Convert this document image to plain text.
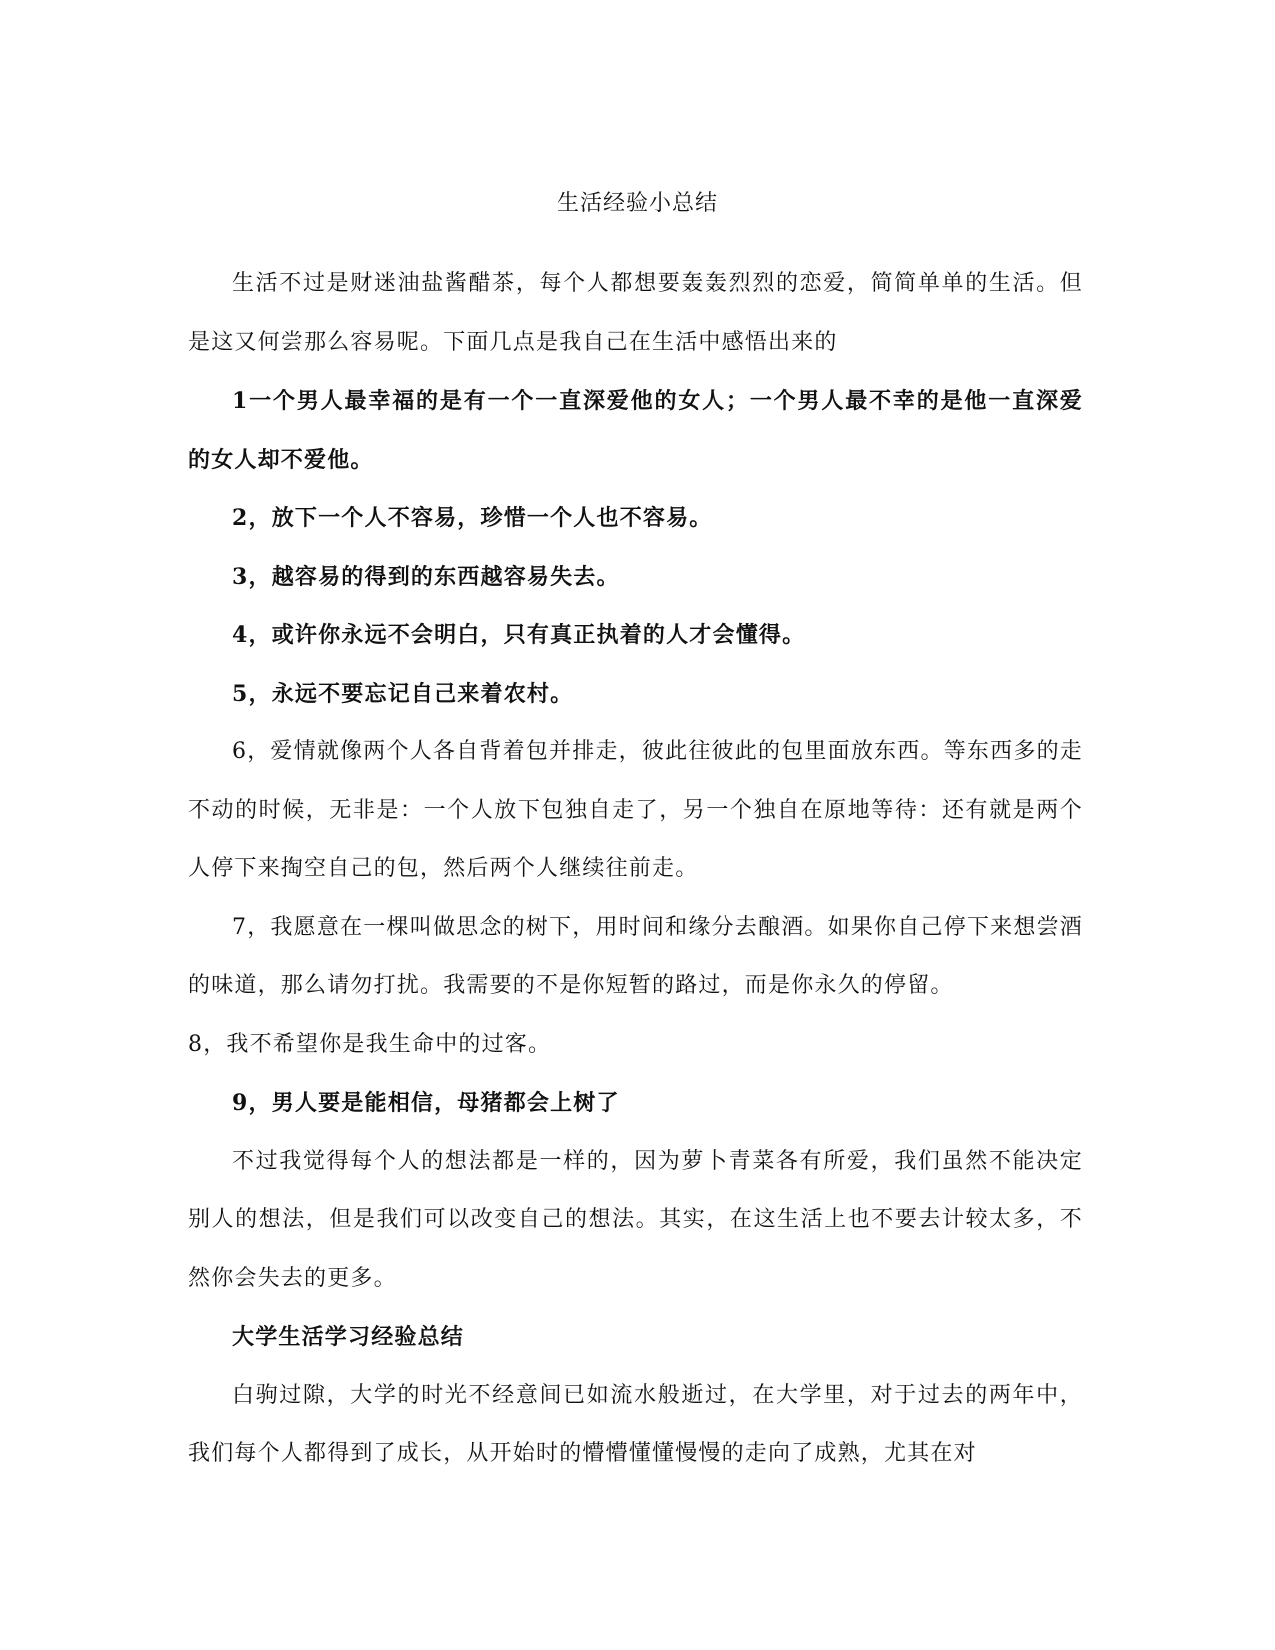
生活经验小总结

生活不过是财迷油盐酱醋茶，每个人都想要轰轰烈烈的恋爱，简简单单的生活。但是这又何尝那么容易呢。下面几点是我自己在生活中感悟出来的

1一个男人最幸福的是有一个一直深爱他的女人；一个男人最不幸的是他一直深爱的女人却不爱他。

2，放下一个人不容易，珍惜一个人也不容易。

3，越容易的得到的东西越容易失去。

4，或许你永远不会明白，只有真正执着的人才会懂得。

5，永远不要忘记自己来着农村。

6，爱情就像两个人各自背着包并排走，彼此往彼此的包里面放东西。等东西多的走不动的时候，无非是：一个人放下包独自走了，另一个独自在原地等待：还有就是两个人停下来掏空自己的包，然后两个人继续往前走。

7，我愿意在一棵叫做思念的树下，用时间和缘分去酿酒。如果你自己停下来想尝酒的味道，那么请勿打扰。我需要的不是你短暂的路过，而是你永久的停留。

8，我不希望你是我生命中的过客。

9，男人要是能相信，母猪都会上树了

不过我觉得每个人的想法都是一样的，因为萝卜青菜各有所爱，我们虽然不能决定别人的想法，但是我们可以改变自己的想法。其实，在这生活上也不要去计较太多，不然你会失去的更多。

大学生活学习经验总结

白驹过隙，大学的时光不经意间已如流水般逝过，在大学里，对于过去的两年中，我们每个人都得到了成长，从开始时的懵懵懂懂慢慢的走向了成熟，尤其在对
